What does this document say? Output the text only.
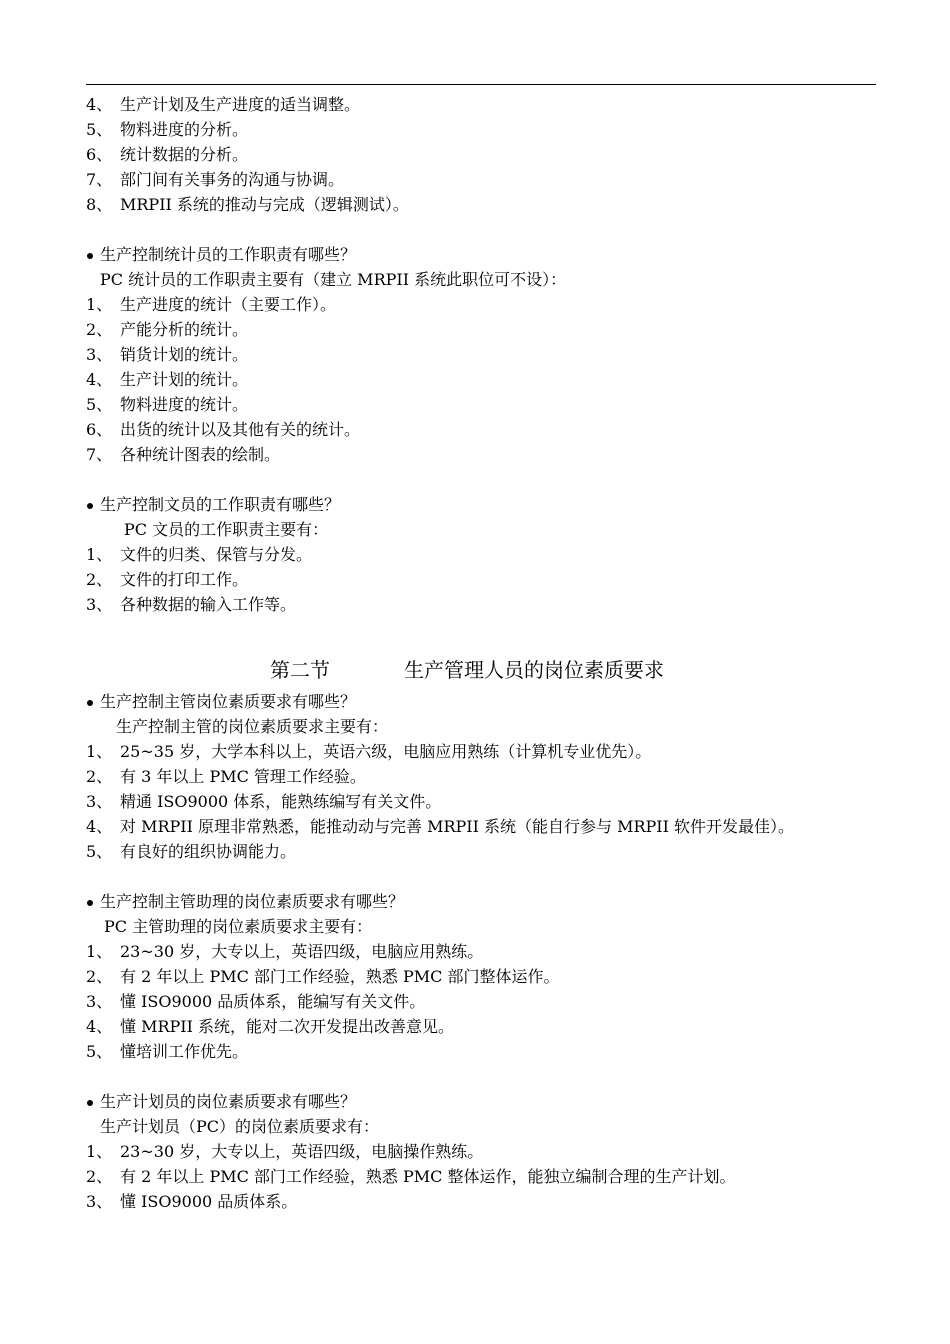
4、 生产计划及生产进度的适当调整。
5、 物料进度的分析。
6、 统计数据的分析。
7、 部门间有关事务的沟通与协调。
8、 MRPII 系统的推动与完成（逻辑测试）。
生产控制统计员的工作职责有哪些？
PC 统计员的工作职责主要有（建立 MRPII 系统此职位可不设）：
1、 生产进度的统计（主要工作）。
2、 产能分析的统计。
3、 销货计划的统计。
4、 生产计划的统计。
5、 物料进度的统计。
6、 出货的统计以及其他有关的统计。
7、 各种统计图表的绘制。
生产控制文员的工作职责有哪些？
PC 文员的工作职责主要有：
1、 文件的归类、保管与分发。
2、 文件的打印工作。
3、 各种数据的输入工作等。
第二节	生产管理人员的岗位素质要求
生产控制主管岗位素质要求有哪些？
生产控制主管的岗位素质要求主要有：
1、 25~35 岁，大学本科以上，英语六级，电脑应用熟练（计算机专业优先）。
2、 有 3 年以上 PMC 管理工作经验。
3、 精通 ISO9000 体系，能熟练编写有关文件。
4、 对 MRPII 原理非常熟悉，能推动动与完善 MRPII 系统（能自行参与 MRPII 软件开发最佳）。
5、 有良好的组织协调能力。
生产控制主管助理的岗位素质要求有哪些？
PC 主管助理的岗位素质要求主要有：
1、 23~30 岁，大专以上，英语四级，电脑应用熟练。
2、 有 2 年以上 PMC 部门工作经验，熟悉 PMC 部门整体运作。
3、 懂 ISO9000 品质体系，能编写有关文件。
4、 懂 MRPII 系统，能对二次开发提出改善意见。
5、 懂培训工作优先。
生产计划员的岗位素质要求有哪些？
生产计划员（PC）的岗位素质要求有：
1、 23~30 岁，大专以上，英语四级，电脑操作熟练。
2、 有 2 年以上 PMC 部门工作经验，熟悉 PMC 整体运作，能独立编制合理的生产计划。
3、 懂 ISO9000 品质体系。
